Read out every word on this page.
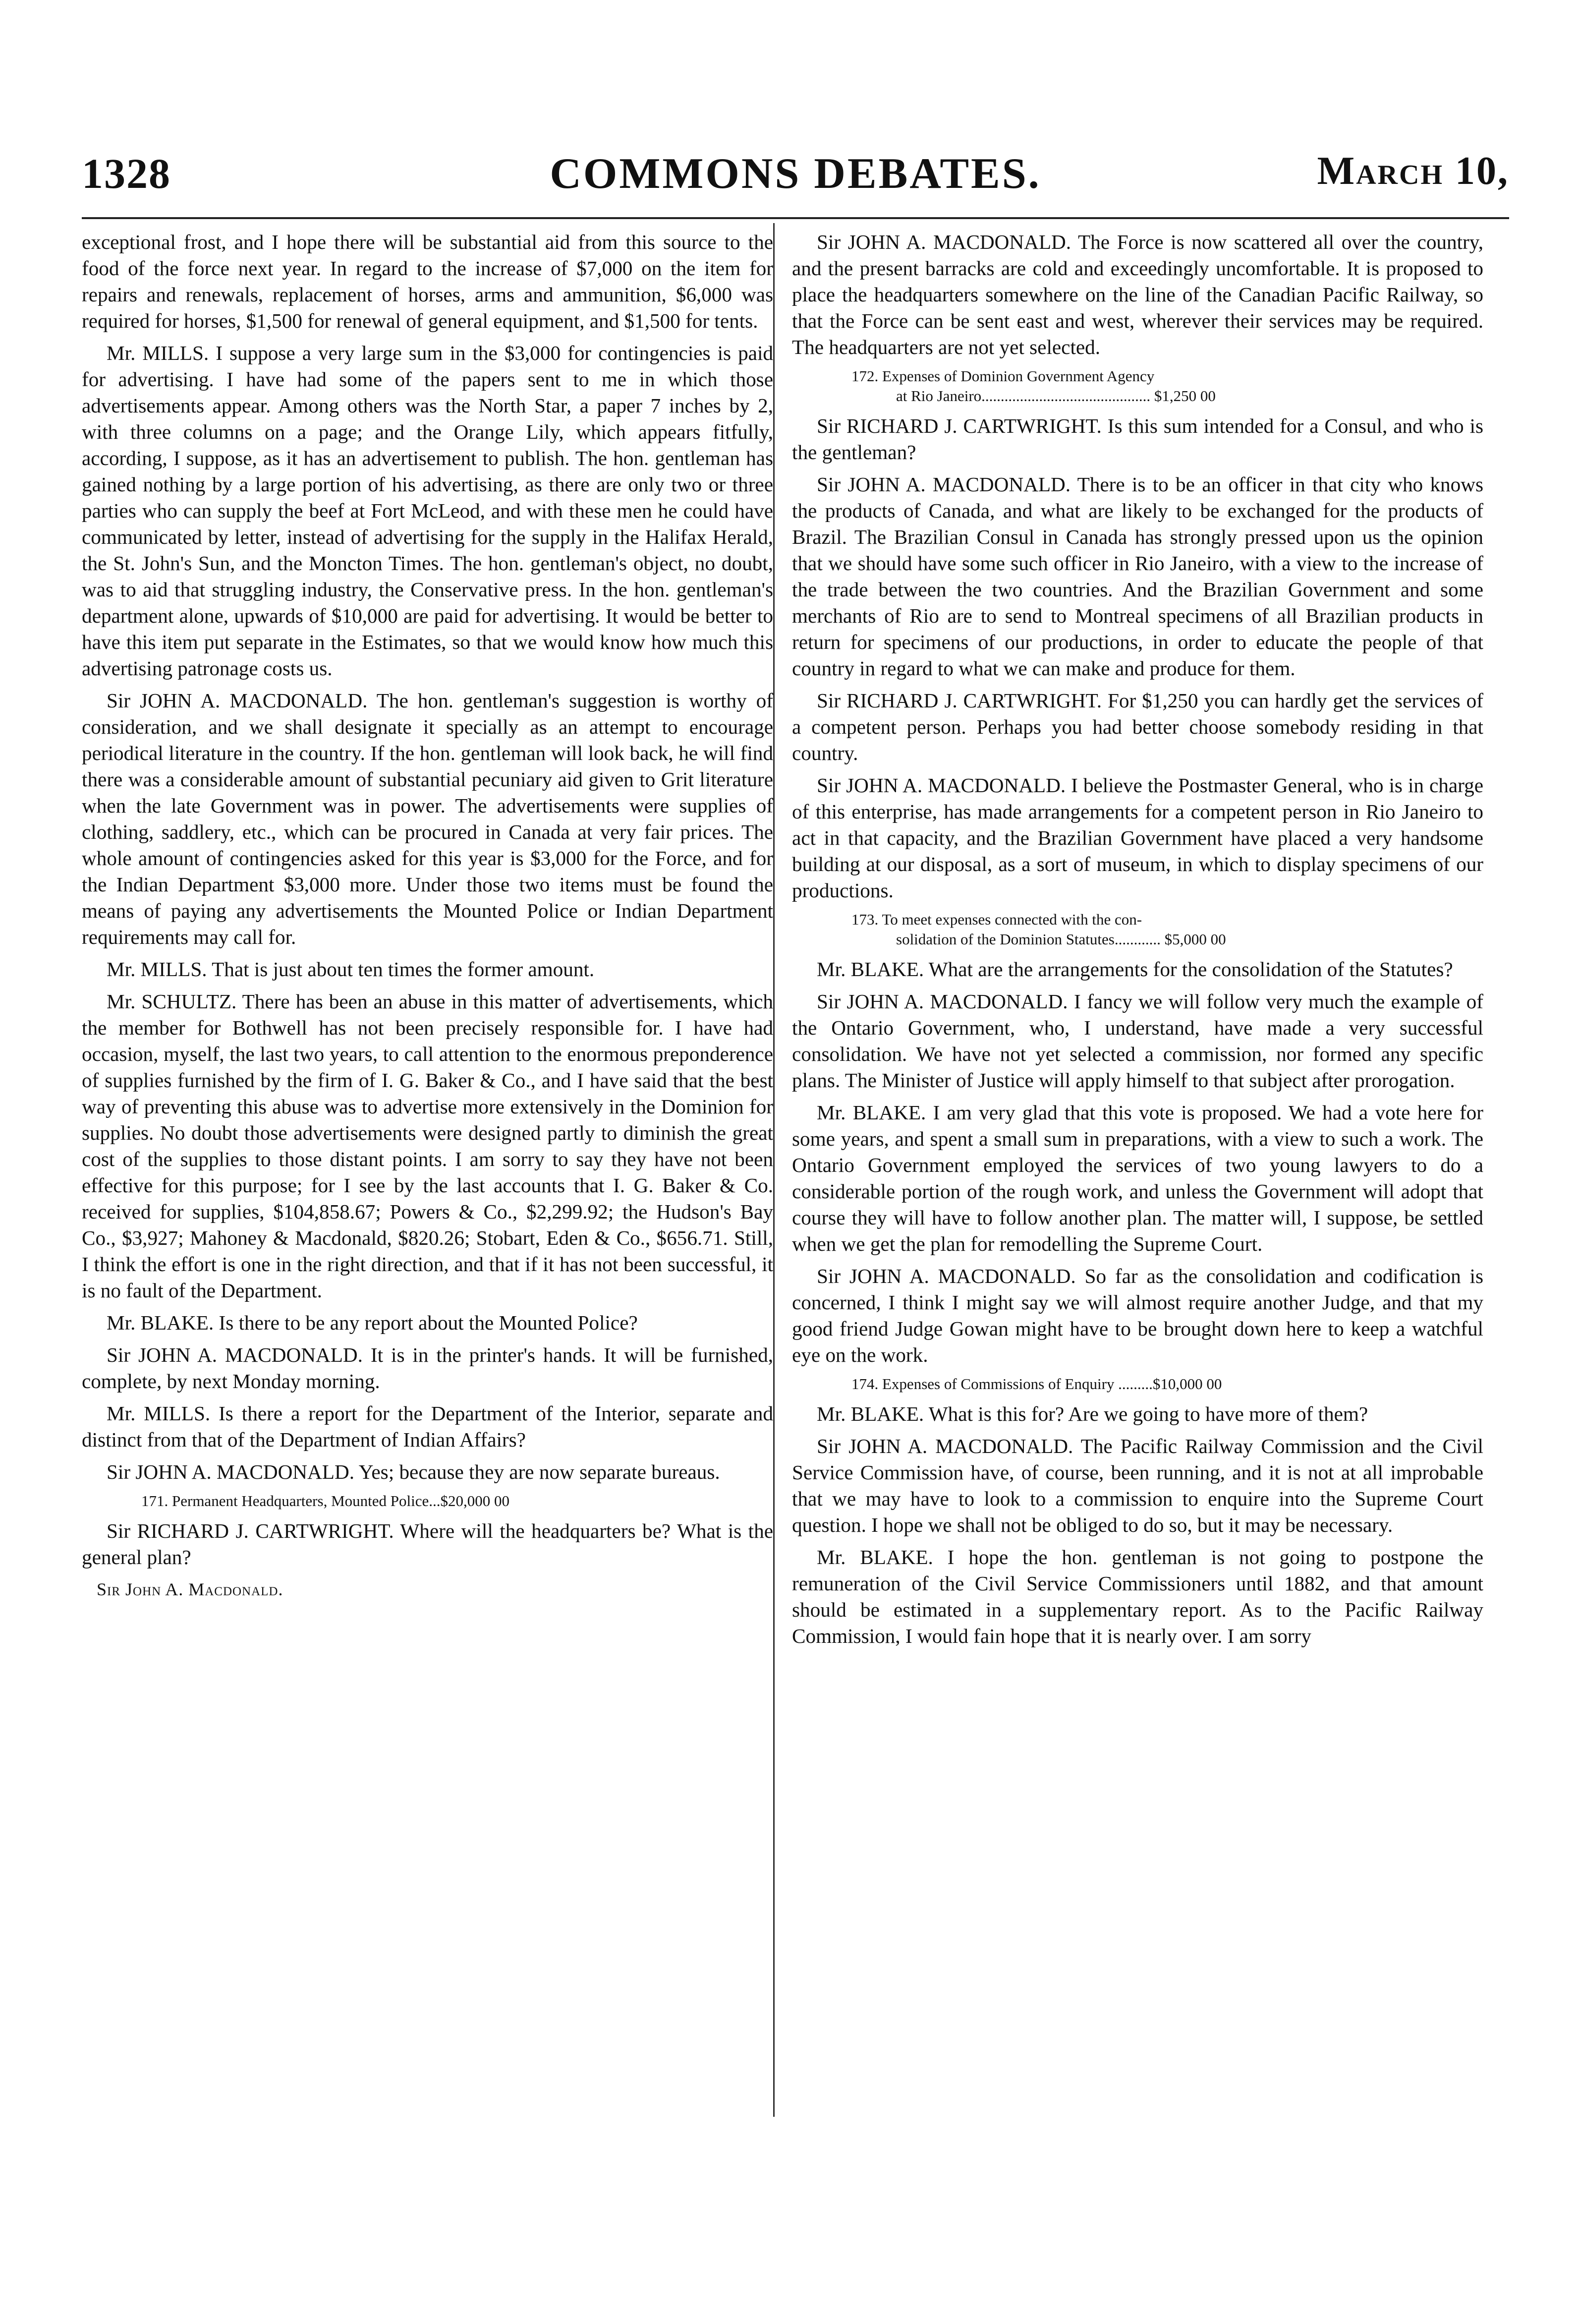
1328	COMMONS DEBATES.	March 10,

exceptional frost, and I hope there will be substantial aid from this source to the food of the force next year. In regard to the increase of $7,000 on the item for repairs and renewals, replacement of horses, arms and ammunition, $6,000 was required for horses, $1,500 for renewal of general equipment, and $1,500 for tents.

Mr. MILLS. I suppose a very large sum in the $3,000 for contingencies is paid for advertising. I have had some of the papers sent to me in which those advertisements appear. Among others was the North Star, a paper 7 inches by 2, with three columns on a page; and the Orange Lily, which appears fitfully, according, I suppose, as it has an advertisement to publish. The hon. gentleman has gained nothing by a large portion of his advertising, as there are only two or three parties who can supply the beef at Fort McLeod, and with these men he could have communicated by letter, instead of advertising for the supply in the Halifax Herald, the St. John's Sun, and the Moncton Times. The hon. gentleman's object, no doubt, was to aid that struggling industry, the Conservative press. In the hon. gentleman's department alone, upwards of $10,000 are paid for advertising. It would be better to have this item put separate in the Estimates, so that we would know how much this advertising patronage costs us.

Sir JOHN A. MACDONALD. The hon. gentleman's suggestion is worthy of consideration, and we shall designate it specially as an attempt to encourage periodical literature in the country. If the hon. gentleman will look back, he will find there was a considerable amount of substantial pecuniary aid given to Grit literature when the late Government was in power. The advertisements were supplies of clothing, saddlery, etc., which can be procured in Canada at very fair prices. The whole amount of contingencies asked for this year is $3,000 for the Force, and for the Indian Department $3,000 more. Under those two items must be found the means of paying any advertisements the Mounted Police or Indian Department requirements may call for.

Mr. MILLS. That is just about ten times the former amount.

Mr. SCHULTZ. There has been an abuse in this matter of advertisements, which the member for Bothwell has not been precisely responsible for. I have had occasion, myself, the last two years, to call attention to the enormous preponderence of supplies furnished by the firm of I. G. Baker & Co., and I have said that the best way of preventing this abuse was to advertise more extensively in the Dominion for supplies. No doubt those advertisements were designed partly to diminish the great cost of the supplies to those distant points. I am sorry to say they have not been effective for this purpose; for I see by the last accounts that I. G. Baker & Co. received for supplies, $104,858.67; Powers & Co., $2,299.92; the Hudson's Bay Co., $3,927; Mahoney & Macdonald, $820.26; Stobart, Eden & Co., $656.71. Still, I think the effort is one in the right direction, and that if it has not been successful, it is no fault of the Department.

Mr. BLAKE. Is there to be any report about the Mounted Police?

Sir JOHN A. MACDONALD. It is in the printer's hands. It will be furnished, complete, by next Monday morning.

Mr. MILLS. Is there a report for the Department of the Interior, separate and distinct from that of the Department of Indian Affairs?

Sir JOHN A. MACDONALD. Yes; because they are now separate bureaus.

171. Permanent Headquarters, Mounted Police...$20,000 00

Sir RICHARD J. CARTWRIGHT. Where will the headquarters be? What is the general plan?

Sir John A. Macdonald.

Sir JOHN A. MACDONALD. The Force is now scattered all over the country, and the present barracks are cold and exceedingly uncomfortable. It is proposed to place the headquarters somewhere on the line of the Canadian Pacific Railway, so that the Force can be sent east and west, wherever their services may be required. The headquarters are not yet selected.

172. Expenses of Dominion Government Agency
at Rio Janeiro............................................ $1,250 00

Sir RICHARD J. CARTWRIGHT. Is this sum intended for a Consul, and who is the gentleman?

Sir JOHN A. MACDONALD. There is to be an officer in that city who knows the products of Canada, and what are likely to be exchanged for the products of Brazil. The Brazilian Consul in Canada has strongly pressed upon us the opinion that we should have some such officer in Rio Janeiro, with a view to the increase of the trade between the two countries. And the Brazilian Government and some merchants of Rio are to send to Montreal specimens of all Brazilian products in return for specimens of our productions, in order to educate the people of that country in regard to what we can make and produce for them.

Sir RICHARD J. CARTWRIGHT. For $1,250 you can hardly get the services of a competent person. Perhaps you had better choose somebody residing in that country.

Sir JOHN A. MACDONALD. I believe the Postmaster General, who is in charge of this enterprise, has made arrangements for a competent person in Rio Janeiro to act in that capacity, and the Brazilian Government have placed a very handsome building at our disposal, as a sort of museum, in which to display specimens of our productions.

173. To meet expenses connected with the con-
solidation of the Dominion Statutes............ $5,000 00

Mr. BLAKE. What are the arrangements for the consolidation of the Statutes?

Sir JOHN A. MACDONALD. I fancy we will follow very much the example of the Ontario Government, who, I understand, have made a very successful consolidation. We have not yet selected a commission, nor formed any specific plans. The Minister of Justice will apply himself to that subject after prorogation.

Mr. BLAKE. I am very glad that this vote is proposed. We had a vote here for some years, and spent a small sum in preparations, with a view to such a work. The Ontario Government employed the services of two young lawyers to do a considerable portion of the rough work, and unless the Government will adopt that course they will have to follow another plan. The matter will, I suppose, be settled when we get the plan for remodelling the Supreme Court.

Sir JOHN A. MACDONALD. So far as the consolidation and codification is concerned, I think I might say we will almost require another Judge, and that my good friend Judge Gowan might have to be brought down here to keep a watchful eye on the work.

174. Expenses of Commissions of Enquiry .........$10,000 00

Mr. BLAKE. What is this for? Are we going to have more of them?

Sir JOHN A. MACDONALD. The Pacific Railway Commission and the Civil Service Commission have, of course, been running, and it is not at all improbable that we may have to look to a commission to enquire into the Supreme Court question. I hope we shall not be obliged to do so, but it may be necessary.

Mr. BLAKE. I hope the hon. gentleman is not going to postpone the remuneration of the Civil Service Commissioners until 1882, and that amount should be estimated in a supplementary report. As to the Pacific Railway Commission, I would fain hope that it is nearly over. I am sorry
